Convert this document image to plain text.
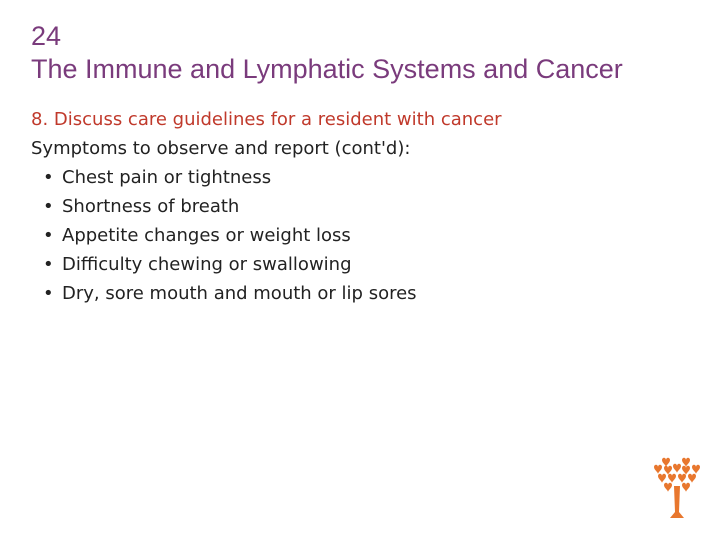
24
The Immune and Lymphatic Systems and Cancer
8. Discuss care guidelines for a resident with cancer
Symptoms to observe and report (cont'd):
• Chest pain or tightness
• Shortness of breath
• Appetite changes or weight loss
• Difficulty chewing or swallowing
• Dry, sore mouth and mouth or lip sores
